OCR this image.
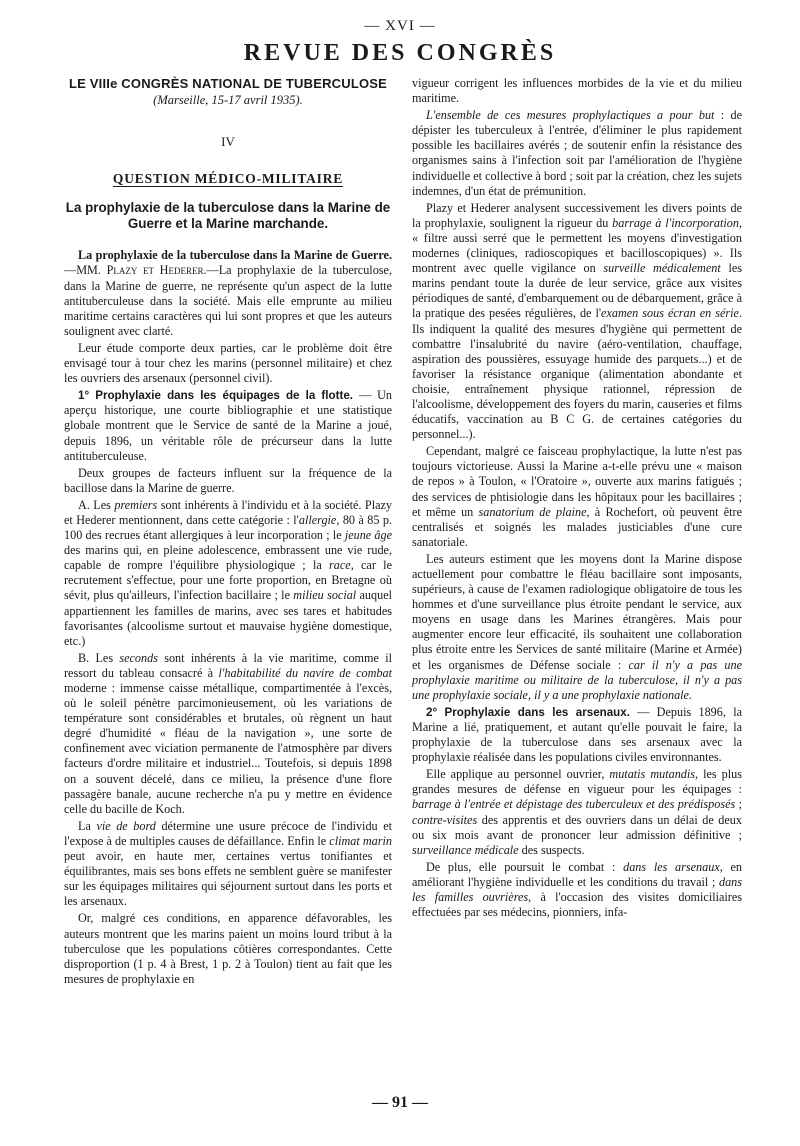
— XVI —
REVUE DES CONGRÈS
LE VIIIe CONGRÈS NATIONAL DE TUBERCULOSE
(Marseille, 15-17 avril 1935).
IV
QUESTION MÉDICO-MILITAIRE
La prophylaxie de la tuberculose dans la Marine de Guerre et la Marine marchande.

La prophylaxie de la tuberculose dans la Marine de Guerre.—MM. Plazy et Hederer.—La prophylaxie de la tuberculose, dans la Marine de guerre, ne représente qu'un aspect de la lutte antituberculeuse dans la société. Mais elle emprunte au milieu maritime certains caractères qui lui sont propres et que les auteurs soulignent avec clarté.

Leur étude comporte deux parties, car le problème doit être envisagé tour à tour chez les marins (personnel militaire) et chez les ouvriers des arsenaux (personnel civil).

1° Prophylaxie dans les équipages de la flotte. — Un aperçu historique, une courte bibliographie et une statistique globale montrent que le Service de santé de la Marine a joué, depuis 1896, un véritable rôle de précurseur dans la lutte antituberculeuse.

Deux groupes de facteurs influent sur la fréquence de la bacillose dans la Marine de guerre.

A. Les premiers sont inhérents à l'individu et à la société. Plazy et Hederer mentionnent, dans cette catégorie : l'allergie, 80 à 85 p. 100 des recrues étant allergiques à leur incorporation ; le jeune âge des marins qui, en pleine adolescence, embrassent une vie rude, capable de rompre l'équilibre physiologique ; la race, car le recrutement s'effectue, pour une forte proportion, en Bretagne où sévit, plus qu'ailleurs, l'infection bacillaire ; le milieu social auquel appartiennent les familles de marins, avec ses tares et habitudes favorisantes (alcoolisme surtout et mauvaise hygiène domestique, etc.)

B. Les seconds sont inhérents à la vie maritime, comme il ressort du tableau consacré à l'habitabilité du navire de combat moderne : immense caisse métallique, compartimentée à l'excès, où le soleil pénètre parcimonieusement, où les variations de température sont considérables et brutales, où règnent un haut degré d'humidité « fléau de la navigation », une sorte de confinement avec viciation permanente de l'atmosphère par divers facteurs d'ordre militaire et industriel... Toutefois, si depuis 1898 on a souvent décelé, dans ce milieu, la présence d'une flore passagère banale, aucune recherche n'a pu y mettre en évidence celle du bacille de Koch.

La vie de bord détermine une usure précoce de l'individu et l'expose à de multiples causes de défaillance. Enfin le climat marin peut avoir, en haute mer, certaines vertus tonifiantes et équilibrantes, mais ses bons effets ne semblent guère se manifester sur les équipages militaires qui séjournent surtout dans les ports et les arsenaux.

Or, malgré ces conditions, en apparence défavorables, les auteurs montrent que les marins paient un moins lourd tribut à la tuberculose que les populations côtières correspondantes. Cette disproportion (1 p. 4 à Brest, 1 p. 2 à Toulon) tient au fait que les mesures de prophylaxie en

vigueur corrigent les influences morbides de la vie et du milieu maritime.

L'ensemble de ces mesures prophylactiques a pour but : de dépister les tuberculeux à l'entrée, d'éliminer le plus rapidement possible les bacillaires avérés ; de soutenir enfin la résistance des organismes sains à l'infection soit par l'amélioration de l'hygiène individuelle et collective à bord ; soit par la création, chez les sujets indemnes, d'un état de prémunition.

Plazy et Hederer analysent successivement les divers points de la prophylaxie, soulignent la rigueur du barrage à l'incorporation, « filtre aussi serré que le permettent les moyens d'investigation modernes (cliniques, radioscopiques et bacilloscopiques) ». Ils montrent avec quelle vigilance on surveille médicalement les marins pendant toute la durée de leur service, grâce aux visites périodiques de santé, d'embarquement ou de débarquement, grâce à la pratique des pesées régulières, de l'examen sous écran en série. Ils indiquent la qualité des mesures d'hygiène qui permettent de combattre l'insalubrité du navire (aéro-ventilation, chauffage, aspiration des poussières, essuyage humide des parquets...) et de favoriser la résistance organique (alimentation abondante et choisie, entraînement physique rationnel, répression de l'alcoolisme, développement des foyers du marin, causeries et films éducatifs, vaccination au B C G. de certaines catégories du personnel...).

Cependant, malgré ce faisceau prophylactique, la lutte n'est pas toujours victorieuse. Aussi la Marine a-t-elle prévu une « maison de repos » à Toulon, « l'Oratoire », ouverte aux marins fatigués ; des services de phtisiologie dans les hôpitaux pour les bacillaires ; et même un sanatorium de plaine, à Rochefort, où peuvent être centralisés et soignés les malades justiciables d'une cure sanatoriale.

Les auteurs estiment que les moyens dont la Marine dispose actuellement pour combattre le fléau bacillaire sont imposants, supérieurs, à cause de l'examen radiologique obligatoire de tous les hommes et d'une surveillance plus étroite pendant le service, aux moyens en usage dans les Marines étrangères. Mais pour augmenter encore leur efficacité, ils souhaitent une collaboration plus étroite entre les Services de santé militaire (Marine et Armée) et les organismes de Défense sociale : car il n'y a pas une prophylaxie maritime ou militaire de la tuberculose, il n'y a pas une prophylaxie sociale, il y a une prophylaxie nationale.

2° Prophylaxie dans les arsenaux. — Depuis 1896, la Marine a lié, pratiquement, et autant qu'elle pouvait le faire, la prophylaxie de la tuberculose dans ses arsenaux avec la prophylaxie réalisée dans les populations civiles environnantes.

Elle applique au personnel ouvrier, mutatis mutandis, les plus grandes mesures de défense en vigueur pour les équipages : barrage à l'entrée et dépistage des tuberculeux et des prédisposés ; contre-visites des apprentis et des ouvriers dans un délai de deux ou six mois avant de prononcer leur admission définitive ; surveillance médicale des suspects.

De plus, elle poursuit le combat : dans les arsenaux, en améliorant l'hygiène individuelle et les conditions du travail ; dans les familles ouvrières, à l'occasion des visites domiciliaires effectuées par ses médecins, pionniers, infa-

— 91 —
